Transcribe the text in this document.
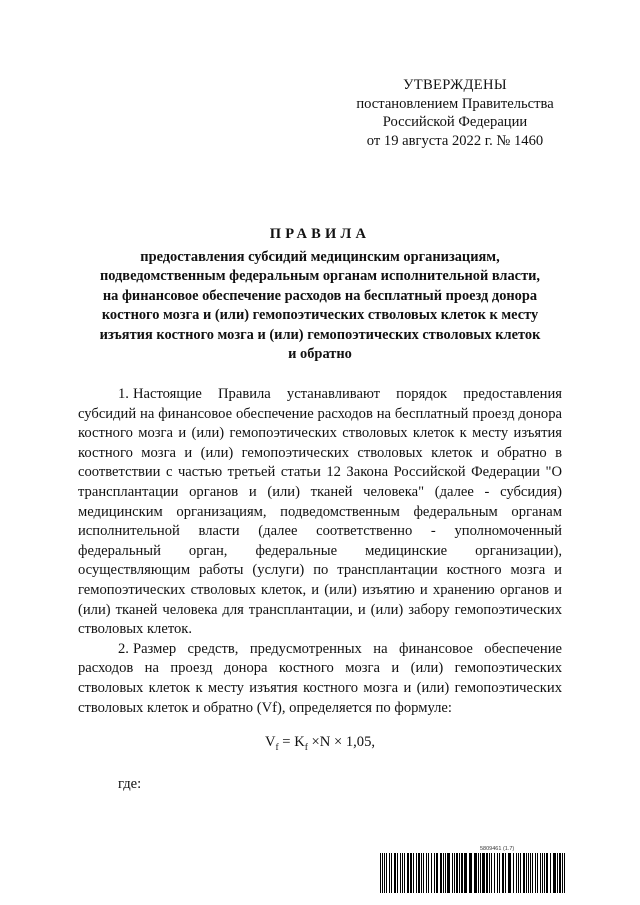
УТВЕРЖДЕНЫ
постановлением Правительства
Российской Федерации
от 19 августа 2022 г. № 1460
ПРАВИЛА
предоставления субсидий медицинским организациям,
подведомственным федеральным органам исполнительной власти,
на финансовое обеспечение расходов на бесплатный проезд донора
костного мозга и (или) гемопоэтических стволовых клеток к месту
изъятия костного мозга и (или) гемопоэтических стволовых клеток
и обратно

1. Настоящие Правила устанавливают порядок предоставления субсидий на финансовое обеспечение расходов на бесплатный проезд донора костного мозга и (или) гемопоэтических стволовых клеток к месту изъятия костного мозга и (или) гемопоэтических стволовых клеток и обратно в соответствии с частью третьей статьи 12 Закона Российской Федерации "О трансплантации органов и (или) тканей человека" (далее - субсидия) медицинским организациям, подведомственным федеральным органам исполнительной власти (далее соответственно - уполномоченный федеральный орган, федеральные медицинские организации), осуществляющим работы (услуги) по трансплантации костного мозга и гемопоэтических стволовых клеток, и (или) изъятию и хранению органов и (или) тканей человека для трансплантации, и (или) забору гемопоэтических стволовых клеток.

2. Размер средств, предусмотренных на финансовое обеспечение расходов на проезд донора костного мозга и (или) гемопоэтических стволовых клеток к месту изъятия костного мозга и (или) гемопоэтических стволовых клеток и обратно (Vf), определяется по формуле:

$V_f = K_f \times N \times 1,05$,
где:
5809461 (1.7)
